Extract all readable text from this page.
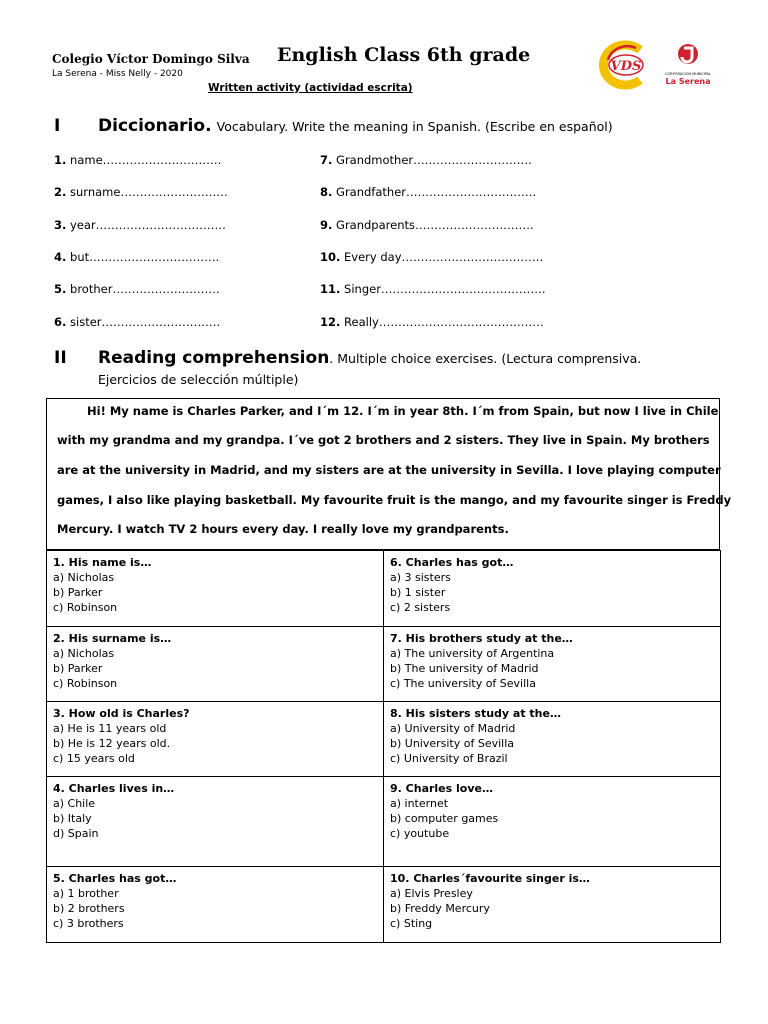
Colegio Víctor Domingo Silva
La Serena - Miss Nelly - 2020
English Class 6th grade
VDS	CORPORACION MUNICIPAL
La Serena
Written activity (actividad escrita)
I Diccionario. Vocabulary. Write the meaning in Spanish. (Escribe en español)
1. name………………………….
2. surname……………………….
3. year…………………………….
4. but…………………………….
5. brother……………………….
6. sister………………………….
7. Grandmother………………………….
8. Grandfather…………………………….
9. Grandparents………………………….
10. Every day……………………………….
11. Singer…………………………………….
12. Really…………………………………….
II Reading comprehension. Multiple choice exercises. (Lectura comprensiva.
Ejercicios de selección múltiple)
Hi! My name is Charles Parker, and I´m 12. I´m in year 8th. I´m from Spain, but now I live in Chile
with my grandma and my grandpa. I´ve got 2 brothers and 2 sisters. They live in Spain. My brothers
are at the university in Madrid, and my sisters are at the university in Sevilla. I love playing computer
games, I also like playing basketball. My favourite fruit is the mango, and my favourite singer is Freddy
Mercury. I watch TV 2 hours every day. I really love my grandparents.
1. His name is…
a) Nicholas
b) Parker
c) Robinson	6. Charles has got…
a) 3 sisters
b) 1 sister
c) 2 sisters

2. His surname is…
a) Nicholas
b) Parker
c) Robinson	7. His brothers study at the…
a) The university of Argentina
b) The university of Madrid
c) The university of Sevilla

3. How old is Charles?
a) He is 11 years old
b) He is 12 years old.
c) 15 years old	8. His sisters study at the…
a) University of Madrid
b) University of Sevilla
c) University of Brazil

4. Charles lives in…
a) Chile
b) Italy
d) Spain	9. Charles love…
a) internet
b) computer games
c) youtube

5. Charles has got…
a) 1 brother
b) 2 brothers
c) 3 brothers	10. Charles´favourite singer is…
a) Elvis Presley
b) Freddy Mercury
c) Sting
